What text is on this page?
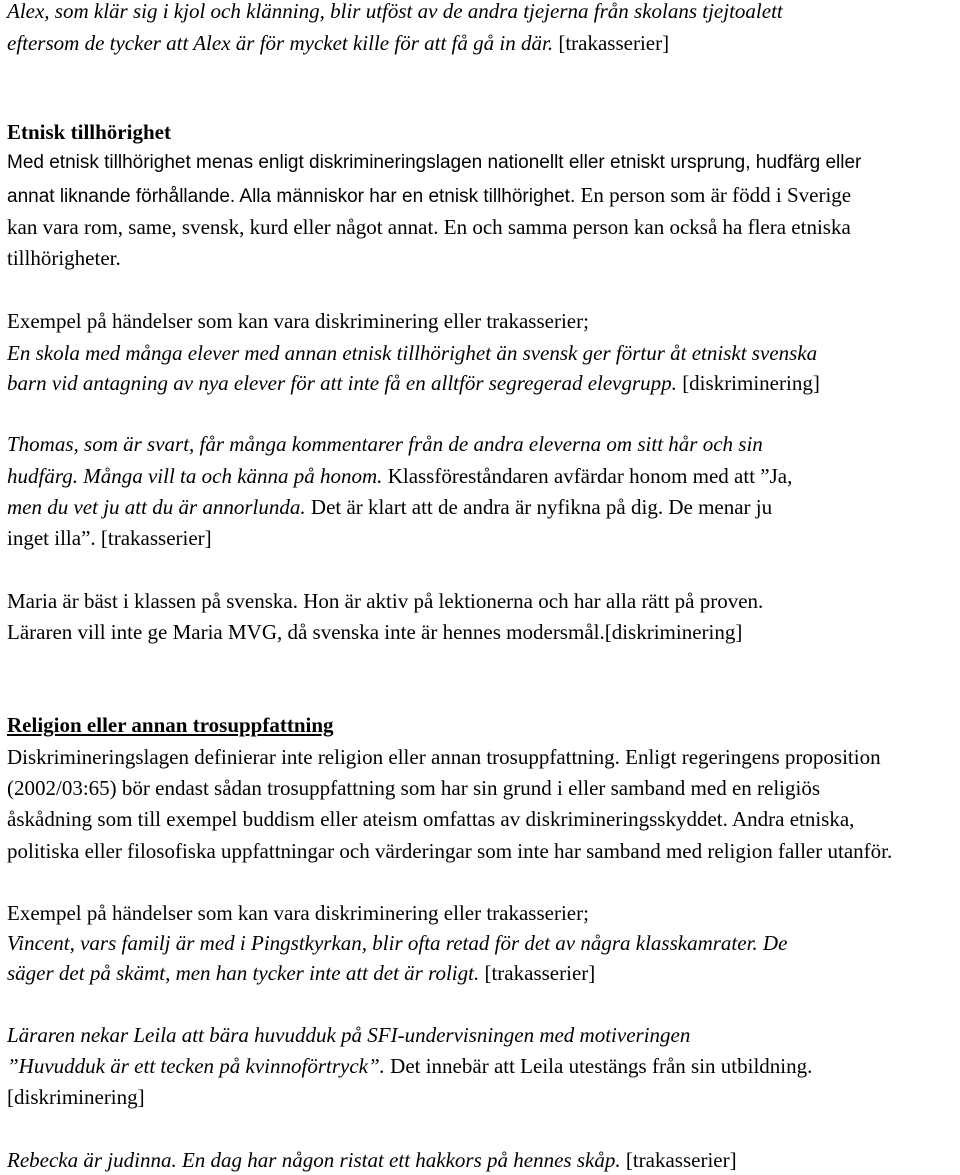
Alex, som klär sig i kjol och klänning, blir utföst av de andra tjejerna från skolans tjejtoalett
eftersom de tycker att Alex är för mycket kille för att få gå in där. [trakasserier]
Etnisk tillhörighet
Med etnisk tillhörighet menas enligt diskrimineringslagen nationellt eller etniskt ursprung, hudfärg eller
annat liknande förhållande. Alla människor har en etnisk tillhörighet. En person som är född i Sverige
kan vara rom, same, svensk, kurd eller något annat. En och samma person kan också ha flera etniska
tillhörigheter.
Exempel på händelser som kan vara diskriminering eller trakasserier;
En skola med många elever med annan etnisk tillhörighet än svensk ger förtur åt etniskt svenska
barn vid antagning av nya elever för att inte få en alltför segregerad elevgrupp. [diskriminering]
Thomas, som är svart, får många kommentarer från de andra eleverna om sitt hår och sin
hudfärg. Många vill ta och känna på honom. Klassföreståndaren avfärdar honom med att ”Ja,
men du vet ju att du är annorlunda. Det är klart att de andra är nyfikna på dig. De menar ju
inget illa”. [trakasserier]
Maria är bäst i klassen på svenska. Hon är aktiv på lektionerna och har alla rätt på proven.
Läraren vill inte ge Maria MVG, då svenska inte är hennes modersmål.[diskriminering]
Religion eller annan trosuppfattning
Diskrimineringslagen definierar inte religion eller annan trosuppfattning. Enligt regeringens proposition
(2002/03:65) bör endast sådan trosuppfattning som har sin grund i eller samband med en religiös
åskådning som till exempel buddism eller ateism omfattas av diskrimineringsskyddet. Andra etniska,
politiska eller filosofiska uppfattningar och värderingar som inte har samband med religion faller utanför.
Exempel på händelser som kan vara diskriminering eller trakasserier;
Vincent, vars familj är med i Pingstkyrkan, blir ofta retad för det av några klasskamrater. De
säger det på skämt, men han tycker inte att det är roligt. [trakasserier]
Läraren nekar Leila att bära huvudduk på SFI-undervisningen med motiveringen
”Huvudduk är ett tecken på kvinnoförtryck”. Det innebär att Leila utestängs från sin utbildning.
[diskriminering]
Rebecka är judinna. En dag har någon ristat ett hakkors på hennes skåp. [trakasserier]
